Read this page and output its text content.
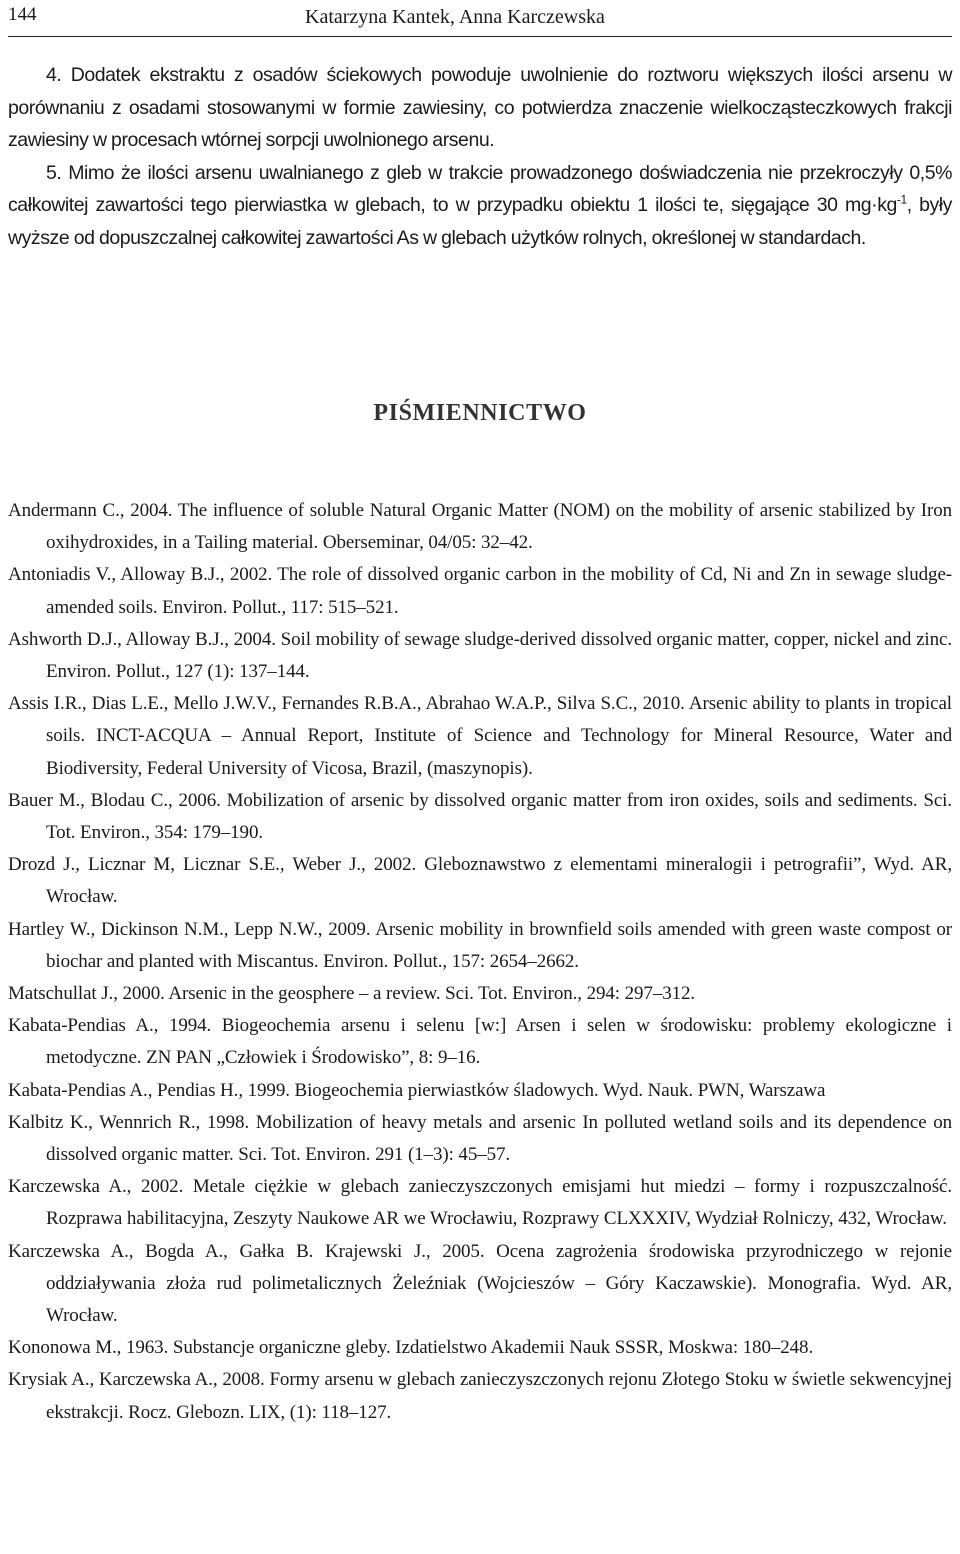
144	Katarzyna Kantek, Anna Karczewska

4. Dodatek ekstraktu z osadów ściekowych powoduje uwolnienie do roztworu większych ilości arsenu w porównaniu z osadami stosowanymi w formie zawiesiny, co potwierdza znaczenie wielkocząsteczkowych frakcji zawiesiny w procesach wtórnej sorpcji uwolnionego arsenu.

5. Mimo że ilości arsenu uwalnianego z gleb w trakcie prowadzonego doświadczenia nie przekroczyły 0,5% całkowitej zawartości tego pierwiastka w glebach, to w przypadku obiektu 1 ilości te, sięgające 30 $mg\cdot kg^{-1}$, były wyższe od dopuszczalnej całkowitej zawartości As w glebach użytków rolnych, określonej w standardach.

PIŚMIENNICTWO

Andermann C., 2004. The influence of soluble Natural Organic Matter (NOM) on the mobility of arsenic stabilized by Iron oxihydroxides, in a Tailing material. Oberseminar, 04/05: 32–42.

Antoniadis V., Alloway B.J., 2002. The role of dissolved organic carbon in the mobility of Cd, Ni and Zn in sewage sludge-amended soils. Environ. Pollut., 117: 515–521.

Ashworth D.J., Alloway B.J., 2004. Soil mobility of sewage sludge-derived dissolved organic matter, copper, nickel and zinc. Environ. Pollut., 127 (1): 137–144.

Assis I.R., Dias L.E., Mello J.W.V., Fernandes R.B.A., Abrahao W.A.P., Silva S.C., 2010. Arsenic ability to plants in tropical soils. INCT-ACQUA – Annual Report, Institute of Science and Technology for Mineral Resource, Water and Biodiversity, Federal University of Vicosa, Brazil, (maszynopis).

Bauer M., Blodau C., 2006. Mobilization of arsenic by dissolved organic matter from iron oxides, soils and sediments. Sci. Tot. Environ., 354: 179–190.

Drozd J., Licznar M, Licznar S.E., Weber J., 2002. Gleboznawstwo z elementami mineralogii i petrografii”, Wyd. AR, Wrocław.

Hartley W., Dickinson N.M., Lepp N.W., 2009. Arsenic mobility in brownfield soils amended with green waste compost or biochar and planted with Miscantus. Environ. Pollut., 157: 2654–2662.

Matschullat J., 2000. Arsenic in the geosphere – a review. Sci. Tot. Environ., 294: 297–312.

Kabata-Pendias A., 1994. Biogeochemia arsenu i selenu [w:] Arsen i selen w środowisku: problemy ekologiczne i metodyczne. ZN PAN „Człowiek i Środowisko”, 8: 9–16.

Kabata-Pendias A., Pendias H., 1999. Biogeochemia pierwiastków śladowych. Wyd. Nauk. PWN, Warszawa

Kalbitz K., Wennrich R., 1998. Mobilization of heavy metals and arsenic In polluted wetland soils and its dependence on dissolved organic matter. Sci. Tot. Environ. 291 (1–3): 45–57.

Karczewska A., 2002. Metale ciężkie w glebach zanieczyszczonych emisjami hut miedzi – formy i rozpuszczalność. Rozprawa habilitacyjna, Zeszyty Naukowe AR we Wrocławiu, Rozprawy CLXXXIV, Wydział Rolniczy, 432, Wrocław.

Karczewska A., Bogda A., Gałka B. Krajewski J., 2005. Ocena zagrożenia środowiska przyrodniczego w rejonie oddziaływania złoża rud polimetalicznych Żeleźniak (Wojcieszów – Góry Kaczawskie). Monografia. Wyd. AR, Wrocław.

Kononowa M., 1963. Substancje organiczne gleby. Izdatielstwo Akademii Nauk SSSR, Moskwa: 180–248.

Krysiak A., Karczewska A., 2008. Formy arsenu w glebach zanieczyszczonych rejonu Złotego Stoku w świetle sekwencyjnej ekstrakcji. Rocz. Glebozn. LIX, (1): 118–127.
